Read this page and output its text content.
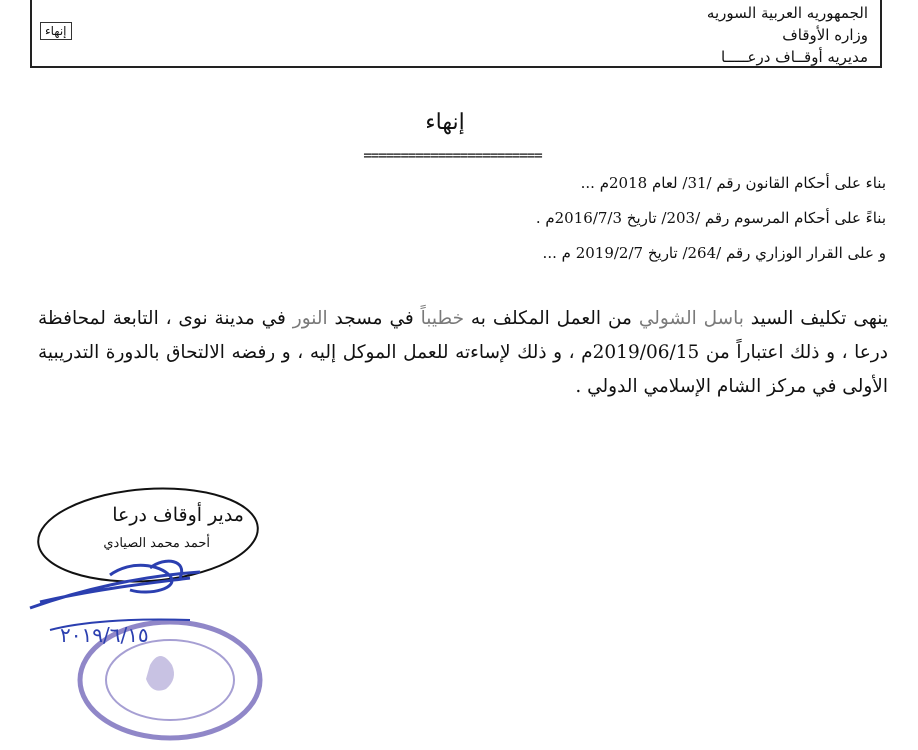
الجمهوريه العربية السوريه
وزاره الأوقاف
مديريه أوقــاف درعـــــا
إنهاء
إنهاء
========================
بناء على أحكام القانون رقم /31/ لعام 2018م ...
بناءً على أحكام المرسوم رقم /203/ تاريخ 2016/7/3م .
و على القرار الوزاري رقم /264/ تاريخ 2019/2/7 م ...
ينهى تكليف السيد باسل الشولي من العمل المكلف به خطيباً في مسجد النور في مدينة نوى ، التابعة لمحافظة درعا ، و ذلك اعتباراً من 2019/06/15م ، و ذلك لإساءته للعمل الموكل إليه ، و رفضه الالتحاق بالدورة التدريبية الأولى في مركز الشام الإسلامي الدولي .
٢٠١٩/٦/١٥
مدير أوقاف درعا
أحمد محمد الصيادي
